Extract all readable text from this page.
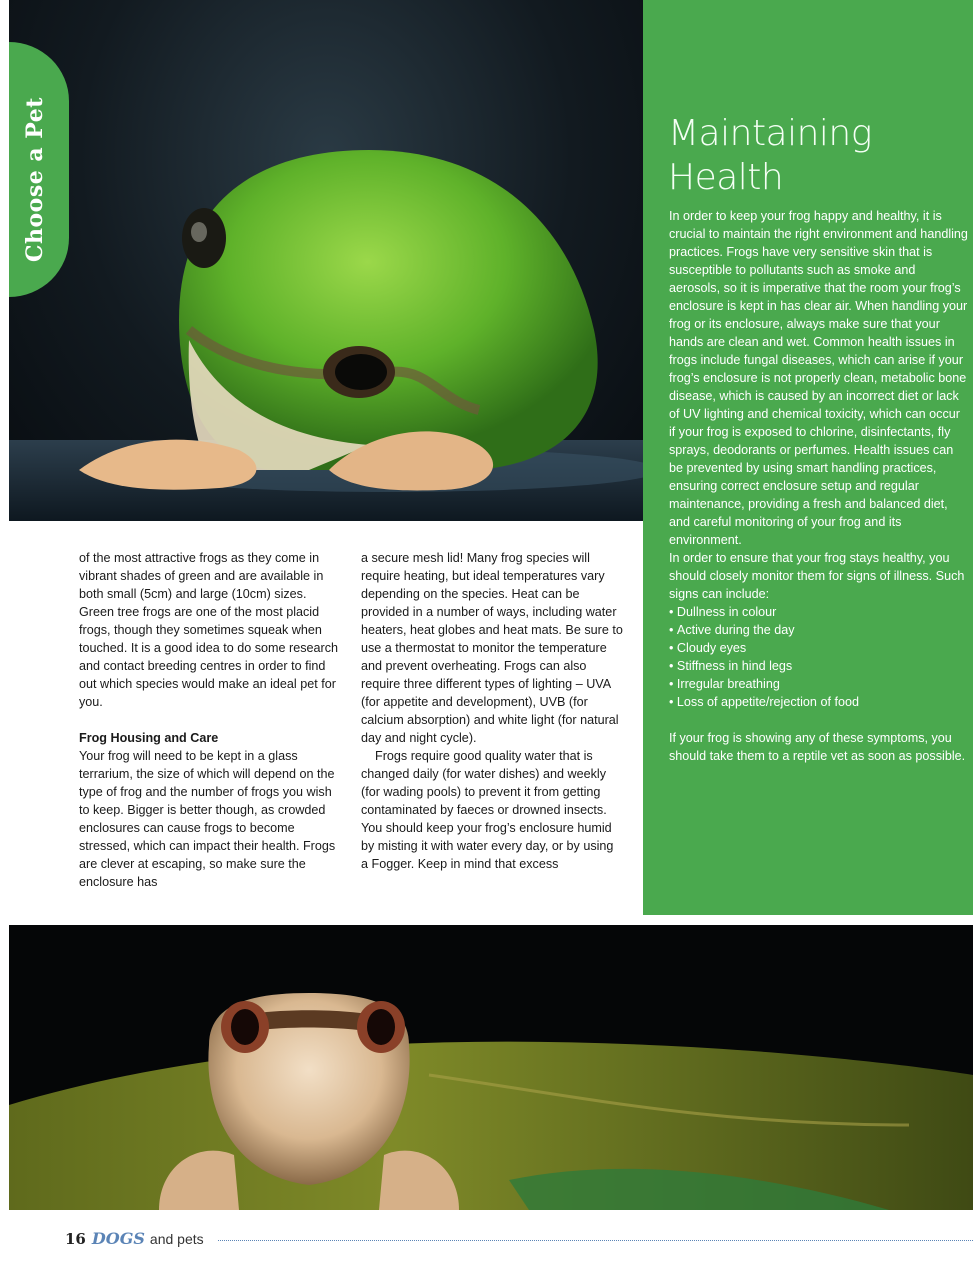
Choose a Pet	Maintaining Health

In order to keep your frog happy and healthy, it is crucial to maintain the right environment and handling practices. Frogs have very sensitive skin that is susceptible to pollutants such as smoke and aerosols, so it is imperative that the room your frog’s enclosure is kept in has clear air. When handling your frog or its enclosure, always make sure that your hands are clean and wet. Common health issues in frogs include fungal diseases, which can arise if your frog’s enclosure is not properly clean, metabolic bone disease, which is caused by an incorrect diet or lack of UV lighting and chemical toxicity, which can occur if your frog is exposed to chlorine, disinfectants, fly sprays, deodorants or perfumes. Health issues can be prevented by using smart handling practices, ensuring correct enclosure setup and regular maintenance, providing a fresh and balanced diet, and careful monitoring of your frog and its environment.

In order to ensure that your frog stays healthy, you should closely monitor them for signs of illness. Such signs can include:

• Dullness in colour
• Active during the day
• Cloudy eyes
• Stiffness in hind legs
• Irregular breathing
• Loss of appetite/rejection of food

If your frog is showing any of these symptoms, you should take them to a reptile vet as soon as possible.

of the most attractive frogs as they come in vibrant shades of green and are available in both small (5cm) and large (10cm) sizes. Green tree frogs are one of the most placid frogs, though they sometimes squeak when touched. It is a good idea to do some research and contact breeding centres in order to find out which species would make an ideal pet for you.

Frog Housing and Care

Your frog will need to be kept in a glass terrarium, the size of which will depend on the type of frog and the number of frogs you wish to keep. Bigger is better though, as crowded enclosures can cause frogs to become stressed, which can impact their health. Frogs are clever at escaping, so make sure the enclosure has

a secure mesh lid! Many frog species will require heating, but ideal temperatures vary depending on the species. Heat can be provided in a number of ways, including water heaters, heat globes and heat mats. Be sure to use a thermostat to monitor the temperature and prevent overheating. Frogs can also require three different types of lighting – UVA (for appetite and development), UVB (for calcium absorption) and white light (for natural day and night cycle).

Frogs require good quality water that is changed daily (for water dishes) and weekly (for wading pools) to prevent it from getting contaminated by faeces or drowned insects. You should keep your frog’s enclosure humid by misting it with water every day, or by using a Fogger. Keep in mind that excess

16 DOGS and pets
